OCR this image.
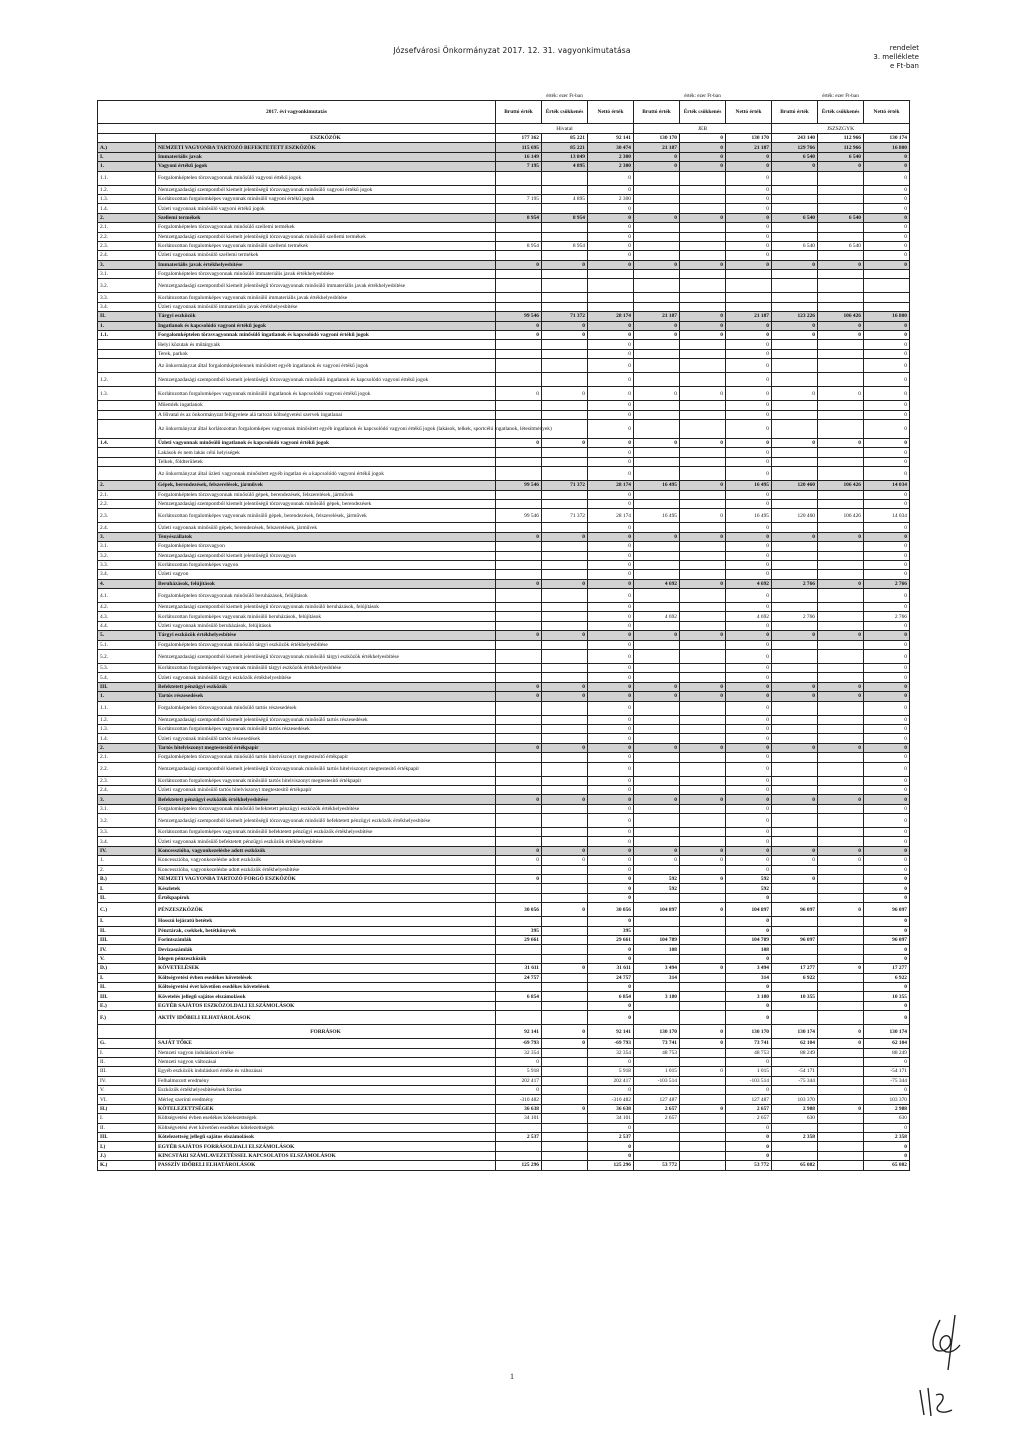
Józsefvárosi Önkormányzat 2017. 12. 31. vagyonkimutatása	rendelet
3. melléklete
e Ft-ban
		érték: ezer Ft-ban			érték: ezer Ft-ban			érték: ezer Ft-ban		
2017. évi vagyonkimutatás		Bruttó érték	Érték csökkenés	Nettó érték	Bruttó érték	Érték csökkenés	Nettó érték	Bruttó érték	Érték csökkenés	Nettó érték
		Hivatal			JEB			JSZSZGYK		
	ESZKÖZÖK	177 362	85 221	92 141	130 170	0	130 170	243 140	112 966	130 174
A.)	NEMZETI VAGYONBA TARTOZÓ BEFEKTETETT ESZKÖZÖK	115 695	85 221	30 474	21 187	0	21 187	129 766	112 966	16 800
I.	Immateriális javak	16 149	13 849	2 300	0	0	0	6 540	6 540	0
1.	Vagyoni értékű jogok	7 195	4 895	2 300	0	0	0	0	0	0
1.1.	Forgalomképtelen törzsvagyonnak minősülő vagyoni értékű jogok			0			0			0
1.2.	Nemzetgazdasági szempontból kiemelt jelentőségű törzsvagyonnak minősülő vagyoni értékű jogok			0			0			0
1.3.	Korlátozottan forgalomképes vagyonnak minősülő vagyoni értékű jogok	7 195	4 895	2 300			0			0
1.4.	Üzleti vagyonnak minősülő vagyoni értékű jogok			0			0			0
2.	Szellemi termékek	8 954	8 954	0	0	0	0	6 540	6 540	0
2.1.	Forgalomképtelen törzsvagyonnak minősülő szellemi termékek			0			0			0
2.2.	Nemzetgazdasági szempontból kiemelt jelentőségű törzsvagyonnak minősülő szellemi termékek			0			0			0
2.3.	Korlátozottan forgalomképes vagyonnak minősülő szellemi termékek	8 954	8 954	0			0	6 540	6 540	0
2.4.	Üzleti vagyonnak minősülő szellemi termékek			0			0			0
3.	Immateriális javak értékhelyesbítése	0	0	0	0	0	0	0	0	0
3.1.	Forgalomképtelen törzsvagyonnak minősülő immateriális javak értékhelyesbítése									
3.2.	Nemzetgazdasági szempontból kiemelt jelentőségű törzsvagyonnak minősülő immateriális javak értékhelyesbítése									
3.3.	Korlátozottan forgalomképes vagyonnak minősülő immateriális javak értékhelyesbítése									
3.4.	Üzleti vagyonnak minősülő immateriális javak értékhelyesbítése									
II.	Tárgyi eszközök	99 546	71 372	28 174	21 187	0	21 187	123 226	106 426	16 800
1.	Ingatlanok és kapcsolódó vagyoni értékű jogok	0	0	0	0	0	0	0	0	0
1.1.	Forgalomképtelen törzsvagyonnak minősülő ingatlanok és kapcsolódó vagyoni értékű jogok	0	0	0	0	0	0	0	0	0
	Helyi közutak és műtárgyaik			0			0			0
	Terek, parkok			0			0			0
	Az önkormányzat által forgalomképtelennek minősített egyéb ingatlanok és vagyoni értékű jogok			0			0			0
1.2.	Nemzetgazdasági szempontból kiemelt jelentőségű törzsvagyonnak minősülő ingatlanok és kapcsolódó vagyoni értékű jogok			0			0			0
1.3.	Korlátozottan forgalomképes vagyonnak minősülő ingatlanok és kapcsolódó vagyoni értékű jogok	0	0	0	0	0	0	0	0	0
	Műemlék ingatlanok			0			0			0
	A Hivatal és az önkormányzat felügyelete alá tartozó költségvetési szervek ingatlanai			0			0			0
	Az önkormányzat által korlátozottan forgalomképes vagyonnak minősített egyéb ingatlanok és kapcsolódó vagyoni értékű jogok (lakások, telkek, sportcélú ingatlanok, létesítmények)			0			0			0
1.4.	Üzleti vagyonnak minősülő ingatlanok és kapcsolódó vagyoni értékű jogok	0	0	0	0	0	0	0	0	0
	Lakások és nem lakás célú helyiségek			0			0			0
	Telkek, földterületek			0			0			0
	Az önkormányzat által üzleti vagyonnak minősített egyéb ingatlan és a kapcsolódó vagyoni értékű jogok			0			0			0
2.	Gépek, berendezések, felszerelések, járművek	99 546	71 372	28 174	16 495	0	16 495	120 460	106 426	14 034
2.1.	Forgalomképtelen törzsvagyonnak minősülő gépek, berendezések, felszerelések, járművek			0			0			0
2.2.	Nemzetgazdasági szempontból kiemelt jelentőségű törzsvagyonnak minősülő gépek, berendezések			0			0			0
2.3.	Korlátozottan forgalomképes vagyonnak minősülő gépek, berendezések, felszerelések, járművek	99 546	71 372	28 174	16 495	0	16 495	120 460	106 426	14 034
2.4.	Üzleti vagyonnak minősülő gépek, berendezések, felszerelések, járművek			0			0			0
3.	Tenyészállatok	0	0	0	0	0	0	0	0	0
3.1.	Forgalomképtelen törzsvagyon			0			0			0
3.2.	Nemzetgazdasági szempontból kiemelt jelentőségű törzsvagyon			0			0			0
3.3.	Korlátozottan forgalomképes vagyon			0			0			0
3.4.	Üzleti vagyon			0			0			0
4.	Beruházások, felújítások	0	0	0	4 692	0	4 692	2 766	0	2 766
4.1.	Forgalomképtelen törzsvagyonnak minősülő beruházások, felújítások			0			0			0
4.2.	Nemzetgazdasági szempontból kiemelt jelentőségű törzsvagyonnak minősülő beruházások, felújítások			0			0			0
4.3.	Korlátozottan forgalomképes vagyonnak minősülő beruházások, felújítások			0	4 692		4 692	2 766		2 766
4.4.	Üzleti vagyonnak minősülő beruházások, felújítások			0			0			0
5.	Tárgyi eszközök értékhelyesbítése	0	0	0	0	0	0	0	0	0
5.1.	Forgalomképtelen törzsvagyonnak minősülő tárgyi eszközök értékhelyesbítése			0			0			0
5.2.	Nemzetgazdasági szempontból kiemelt jelentőségű törzsvagyonnak minősülő tárgyi eszközök értékhelyesbítése			0			0			0
5.3.	Korlátozottan forgalomképes vagyonnak minősülő tárgyi eszközök értékhelyesbítése			0			0			0
5.4.	Üzleti vagyonnak minősülő tárgyi eszközök értékhelyesbítése			0			0			0
III.	Befektetett pénzügyi eszközök	0	0	0	0	0	0	0	0	0
1.	Tartós részesedések	0	0	0	0	0	0	0	0	0
1.1.	Forgalomképtelen törzsvagyonnak minősülő tartós részesedések			0			0			0
1.2.	Nemzetgazdasági szempontból kiemelt jelentőségű törzsvagyonnak minősülő tartós részesedések			0			0			0
1.3.	Korlátozottan forgalomképes vagyonnak minősülő tartós részesedések			0			0			0
1.4.	Üzleti vagyonnak minősülő tartós részesedések			0			0			0
2.	Tartós hitelviszonyt megtestesítő értékpapír	0	0	0	0	0	0	0	0	0
2.1.	Forgalomképtelen törzsvagyonnak minősülő tartós hitelviszonyt megtestesítő értékpapír			0			0			0
2.2.	Nemzetgazdasági szempontból kiemelt jelentőségű törzsvagyonnak minősülő tartós hitelviszonyt megtestesítő értékpapír			0			0			0
2.3.	Korlátozottan forgalomképes vagyonnak minősülő tartós hitelviszonyt megtestesítő értékpapír			0			0			0
2.4.	Üzleti vagyonnak minősülő tartós hitelviszonyt megtestesítő értékpapír			0			0			0
3.	Befektetett pénzügyi eszközök értékhelyesbítése	0	0	0	0	0	0	0	0	0
3.1.	Forgalomképtelen törzsvagyonnak minősülő befektetett pénzügyi eszközök értékhelyesbítése			0			0			0
3.2.	Nemzetgazdasági szempontból kiemelt jelentőségű törzsvagyonnak minősülő befektetett pénzügyi eszközök értékhelyesbítése			0			0			0
3.3.	Korlátozottan forgalomképes vagyonnak minősülő befektetett pénzügyi eszközök értékhelyesbítése			0			0			0
3.4.	Üzleti vagyonnak minősülő befektetett pénzügyi eszközök értékhelyesbítése			0			0			0
IV.	Koncesszióba, vagyonkezelésbe adott eszközök	0	0	0	0	0	0	0	0	0
1.	Koncesszióba, vagyonkezelésbe adott eszközök	0	0	0	0	0	0	0	0	0
2.	Koncesszióba, vagyonkezelésbe adott eszközök értékhelyesbítése			0			0			0
B.)	NEMZETI VAGYONBA TARTOZÓ FORGÓ ESZKÖZÖK	0		0	592	0	592	0		0
I.	Készletek			0	592		592			0
II.	Értékpapírok			0			0			0
C.)	PÉNZESZKÖZÖK	30 056	0	30 056	104 897	0	104 897	96 097	0	96 097
I.	Hosszú lejáratú betétek			0			0			0
II.	Pénztárak, csekkek, betétkönyvek	395		395			0			0
III.	Forintszámlák	29 661		29 661	104 789		104 789	96 097		96 097
IV.	Devizaszámlák			0	108		108			0
V.	Idegen pénzeszközök			0			0			0
D.)	KÖVETELÉSEK	31 611	0	31 611	3 494	0	3 494	17 277	0	17 277
I.	Költségvetési évben esedékes követelések	24 757		24 757	314		314	6 922		6 922
II.	Költségvetési évet követően esedékes követelések			0			0			0
III.	Követelés jellegű sajátos elszámolások	6 854		6 854	3 180		3 180	10 355		10 355
E.)	EGYÉB SAJÁTOS ESZKÖZOLDALI ELSZÁMOLÁSOK			0			0			0
F.)	AKTÍV IDŐBELI ELHATÁROLÁSOK			0			0			0
	FORRÁSOK	92 141	0	92 141	130 170	0	130 170	130 174	0	130 174
G.	SAJÁT TŐKE	-69 793	0	-69 793	73 741	0	73 741	62 104	0	62 104
I.	Nemzeti vagyon induláskori értéke	32 354		32 354	48 753		48 753	88 249		88 249
II.	Nemzeti vagyon változásai	0		0			0			0
III.	Egyéb eszközök induláskori értéke és változásai	5 918		5 918	1 015	0	1 015	-54 171		-54 171
IV.	Felhalmozott eredmény	202 417		202 417	-103 514		-103 514	-75 344		-75 344
V.	Eszközök értékhelyesbítésének forrása	0		0			0			0
VI.	Mérleg szerinti eredmény	-310 482		-310 482	127 487		127 487	103 370		103 370
H.)	KÖTELEZETTSÉGEK	36 638	0	36 638	2 657	0	2 657	2 988	0	2 988
I.	Költségvetési évben esedékes kötelezettségek	34 101		34 101	2 657		2 657	630		630
II.	Költségvetési évet követően esedékes kötelezettségek			0			0			0
III.	Kötelezettség jellegű sajátos elszámolások	2 537		2 537			0	2 358		2 358
I.)	EGYÉB SAJÁTOS FORRÁSOLDALI ELSZÁMOLÁSOK			0			0			0
J.)	KINCSTÁRI SZÁMLAVEZETÉSSEL KAPCSOLATOS ELSZÁMOLÁSOK			0			0			0
K.)	PASSZÍV IDŐBELI ELHATÁROLÁSOK	125 296		125 296	53 772		53 772	65 082		65 082
1
